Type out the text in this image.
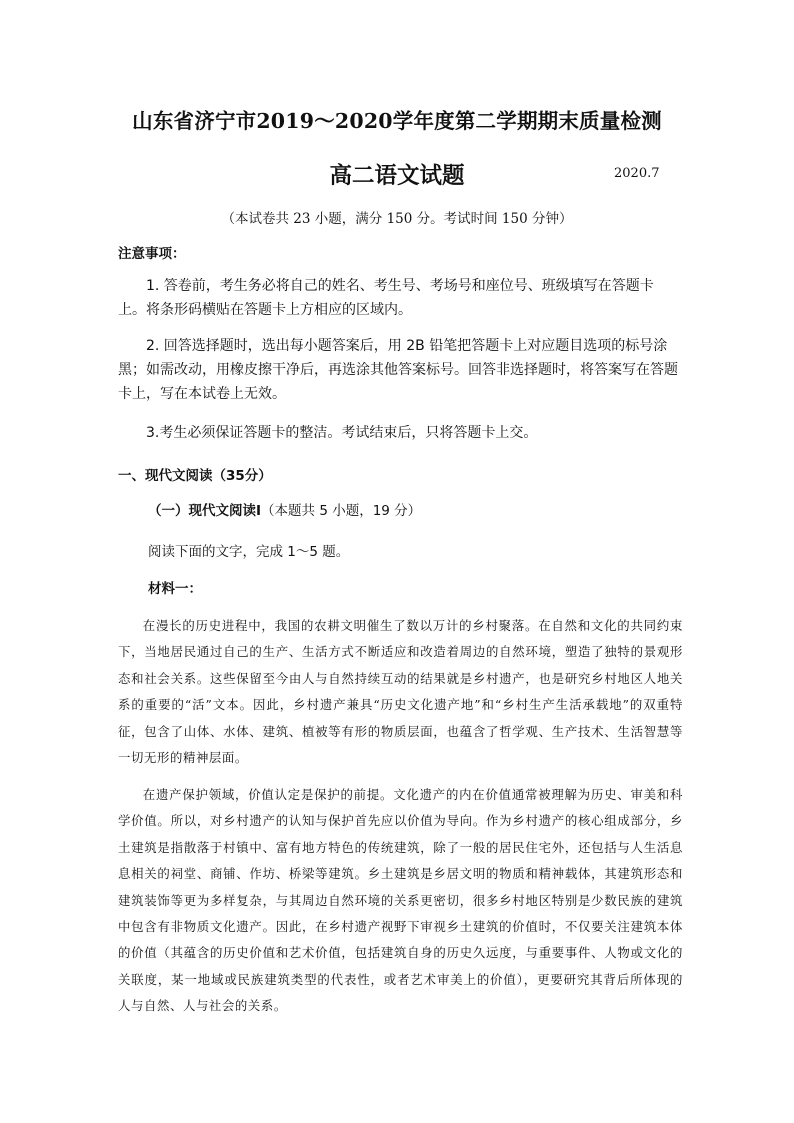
山东省济宁市2019～2020学年度第二学期期末质量检测
高二语文试题	2020.7
（本试卷共 23 小题，满分 150 分。考试时间 150 分钟）
注意事项：
1. 答卷前，考生务必将自己的姓名、考生号、考场号和座位号、班级填写在答题卡上。将条形码横贴在答题卡上方相应的区域内。
2. 回答选择题时，选出每小题答案后，用 2B 铅笔把答题卡上对应题目选项的标号涂黑；如需改动，用橡皮擦干净后，再选涂其他答案标号。回答非选择题时，将答案写在答题卡上，写在本试卷上无效。
3.考生必须保证答题卡的整洁。考试结束后，只将答题卡上交。
一、现代文阅读（35分）
（一）现代文阅读Ⅰ（本题共 5 小题，19 分）
阅读下面的文字，完成 1～5 题。
材料一：
在漫长的历史进程中，我国的农耕文明催生了数以万计的乡村聚落。在自然和文化的共同约束下，当地居民通过自己的生产、生活方式不断适应和改造着周边的自然环境，塑造了独特的景观形态和社会关系。这些保留至今由人与自然持续互动的结果就是乡村遗产，也是研究乡村地区人地关系的重要的“活”文本。因此，乡村遗产兼具“历史文化遗产地”和“乡村生产生活承载地”的双重特征，包含了山体、水体、建筑、植被等有形的物质层面，也蕴含了哲学观、生产技术、生活智慧等一切无形的精神层面。
在遗产保护领域，价值认定是保护的前提。文化遗产的内在价值通常被理解为历史、审美和科学价值。所以，对乡村遗产的认知与保护首先应以价值为导向。作为乡村遗产的核心组成部分，乡土建筑是指散落于村镇中、富有地方特色的传统建筑，除了一般的居民住宅外，还包括与人生活息息相关的祠堂、商铺、作坊、桥梁等建筑。乡土建筑是乡居文明的物质和精神载体，其建筑形态和建筑装饰等更为多样复杂，与其周边自然环境的关系更密切，很多乡村地区特别是少数民族的建筑中包含有非物质文化遗产。因此，在乡村遗产视野下审视乡土建筑的价值时，不仅要关注建筑本体的价值（其蕴含的历史价值和艺术价值，包括建筑自身的历史久远度，与重要事件、人物或文化的关联度，某一地域或民族建筑类型的代表性，或者艺术审美上的价值），更要研究其背后所体现的人与自然、人与社会的关系。
